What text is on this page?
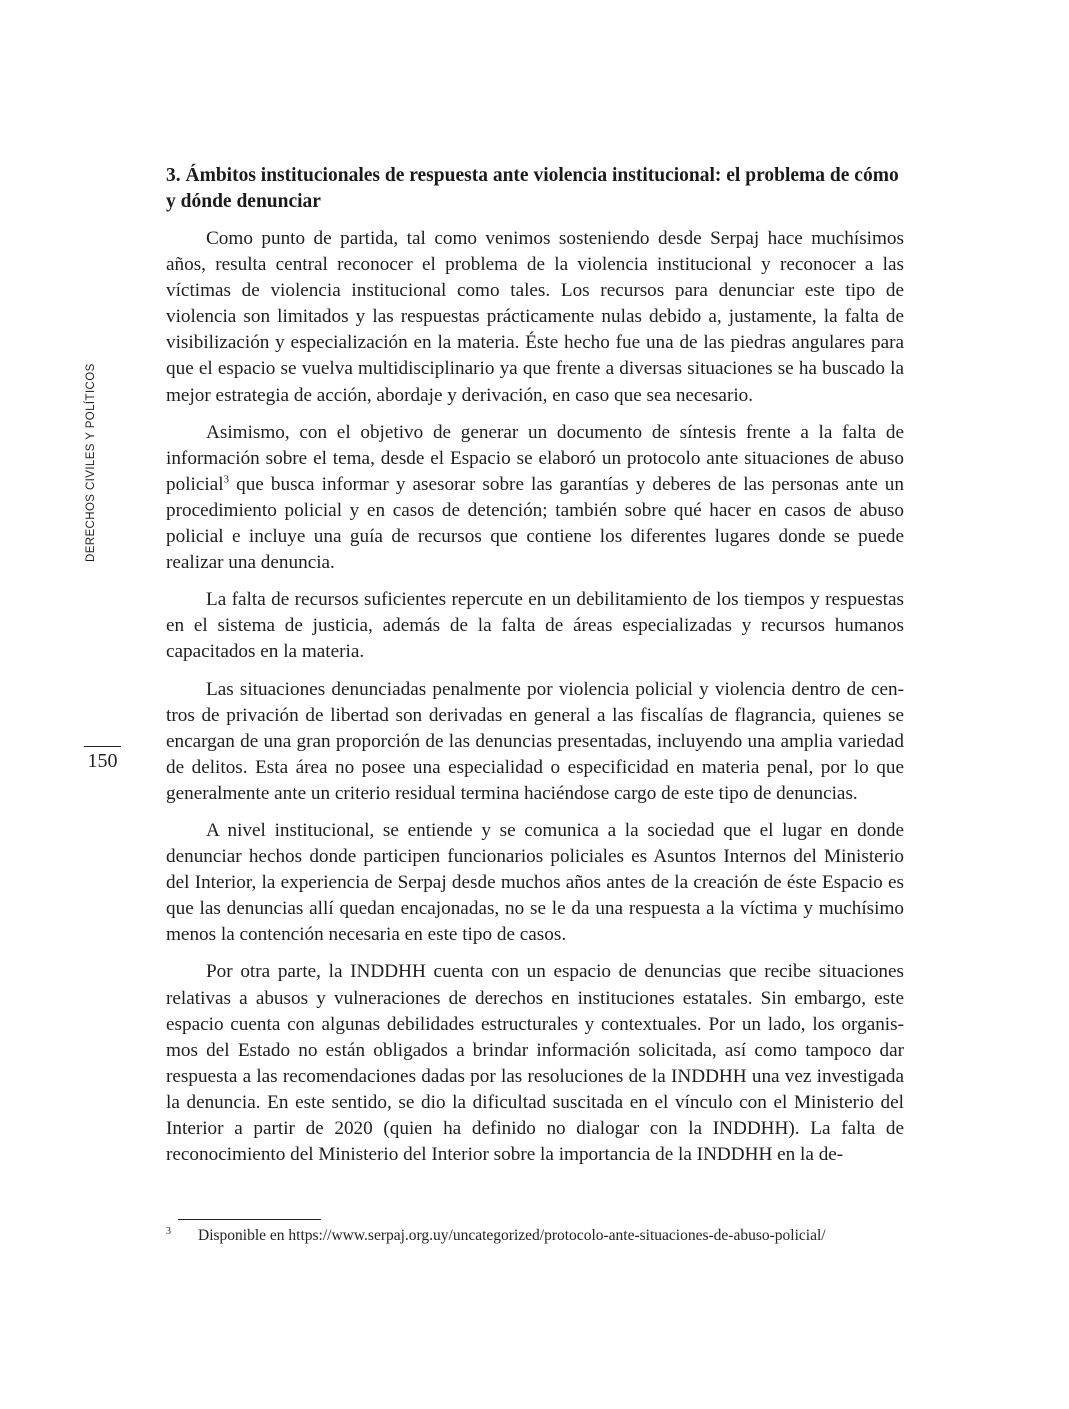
DERECHOS CIVILES Y POLÍTICOS
150
3. Ámbitos institucionales de respuesta ante violencia institucional: el problema de cómo y dónde denunciar

Como punto de partida, tal como venimos sosteniendo desde Serpaj hace muchísimos años, resulta central reconocer el problema de la violencia institucional y reconocer a las víctimas de violencia institucional como tales. Los recursos para denunciar este tipo de violencia son limitados y las respuestas prácticamente nulas debido a, justamente, la falta de visibilización y especialización en la materia. Éste hecho fue una de las piedras angulares para que el espacio se vuelva multidisciplinario ya que frente a diversas situaciones se ha buscado la mejor estrategia de acción, abordaje y derivación, en caso que sea necesario.

Asimismo, con el objetivo de generar un documento de síntesis frente a la falta de información sobre el tema, desde el Espacio se elaboró un protocolo ante situaciones de abuso policial$^3$ que busca informar y asesorar sobre las garantías y deberes de las personas ante un procedimiento policial y en casos de detención; también sobre qué hacer en casos de abuso policial e incluye una guía de recursos que contiene los diferentes lugares donde se puede realizar una denuncia.

La falta de recursos suficientes repercute en un debilitamiento de los tiempos y respuestas en el sistema de justicia, además de la falta de áreas especializadas y recursos humanos capacitados en la materia.

Las situaciones denunciadas penalmente por violencia policial y violencia dentro de centros de privación de libertad son derivadas en general a las fiscalías de flagrancia, quienes se encargan de una gran proporción de las denuncias presentadas, incluyendo una amplia variedad de delitos. Esta área no posee una especialidad o especificidad en materia penal, por lo que generalmente ante un criterio residual termina haciéndose cargo de este tipo de denuncias.

A nivel institucional, se entiende y se comunica a la sociedad que el lugar en donde denunciar hechos donde participen funcionarios policiales es Asuntos Internos del Ministerio del Interior, la experiencia de Serpaj desde muchos años antes de la creación de éste Espacio es que las denuncias allí quedan encajonadas, no se le da una respuesta a la víctima y muchísimo menos la contención necesaria en este tipo de casos.

Por otra parte, la INDDHH cuenta con un espacio de denuncias que recibe situaciones relativas a abusos y vulneraciones de derechos en instituciones estatales. Sin embargo, este espacio cuenta con algunas debilidades estructurales y contextuales. Por un lado, los organismos del Estado no están obligados a brindar información solicitada, así como tampoco dar respuesta a las recomendaciones dadas por las resoluciones de la INDDHH una vez investigada la denuncia. En este sentido, se dio la dificultad suscitada en el vínculo con el Ministerio del Interior a partir de 2020 (quien ha definido no dialogar con la INDDHH). La falta de reconocimiento del Ministerio del Interior sobre la importancia de la INDDHH en la de-

3 Disponible en https://www.serpaj.org.uy/uncategorized/protocolo-ante-situaciones-de-abuso-policial/
